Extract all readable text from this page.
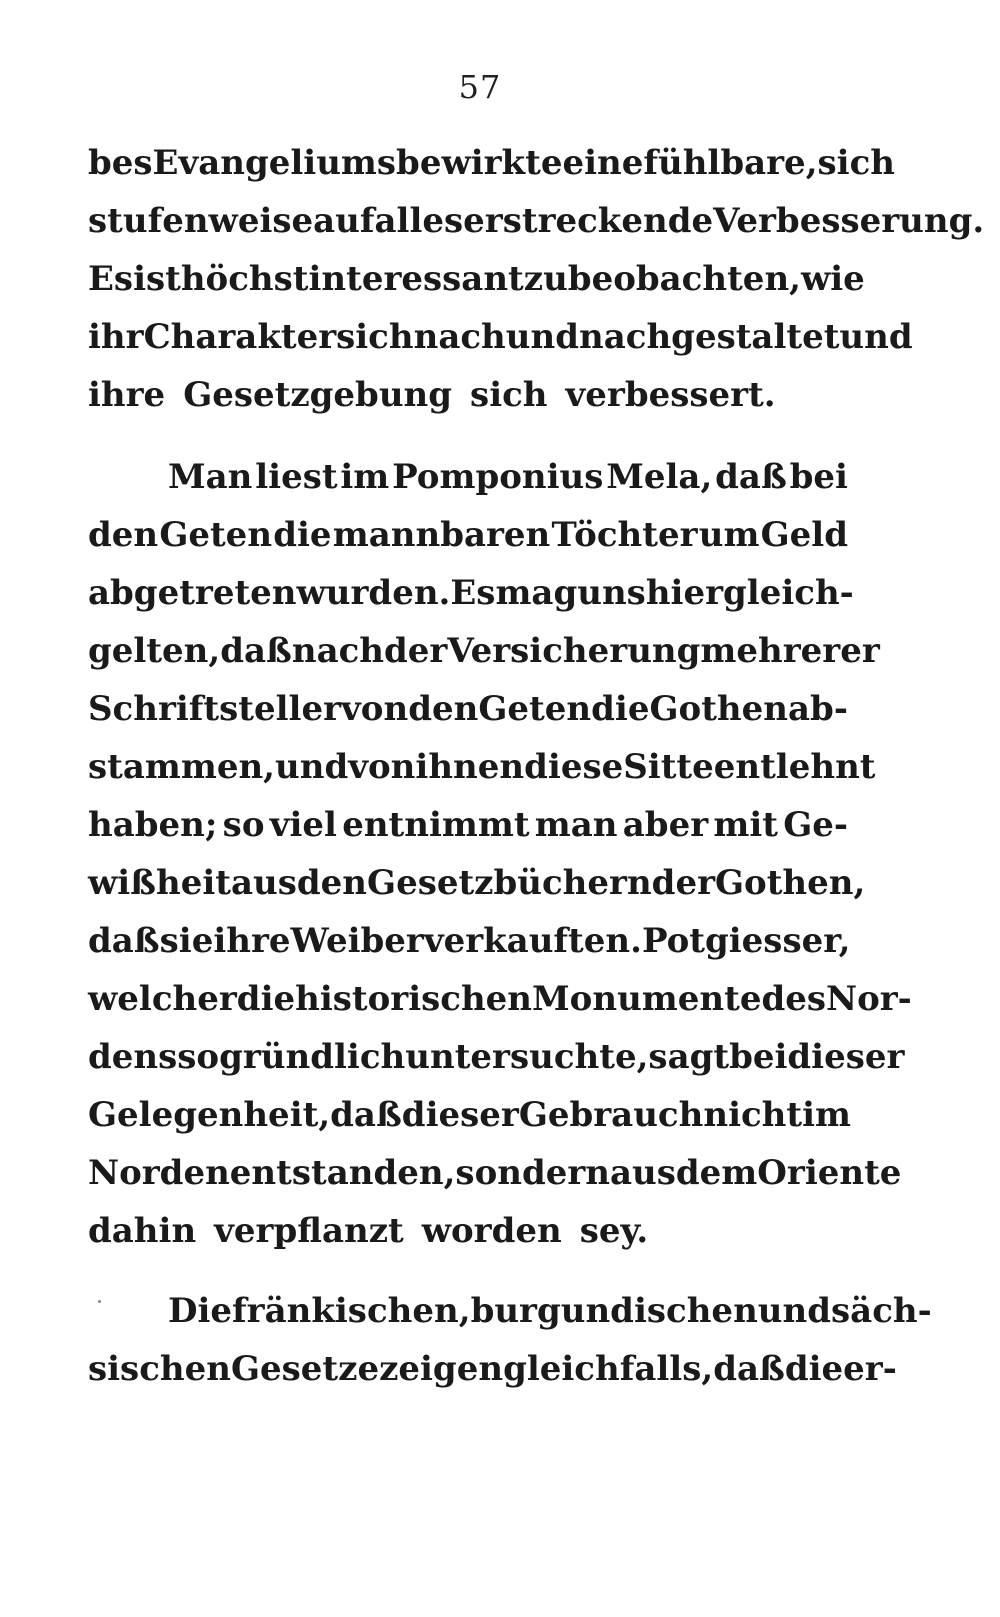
57
bes Evangeliums bewirkte eine fühlbare, sich
stufenweise auf alles erstreckende Verbesserung.
Es ist höchst interessant zu beobachten, wie
ihr Charakter sich nach und nach gestaltet und
ihre Gesetzgebung sich verbessert.
Man liest im Pomponius Mela, daß bei
den Geten die mannbaren Töchter um Geld
abgetreten wurden. Es mag uns hier gleich-
gelten, daß nach der Versicherung mehrerer
Schriftsteller von den Geten die Gothen ab-
stammen, und von ihnen diese Sitte entlehnt
haben; so viel entnimmt man aber mit Ge-
wißheit aus den Gesetzbüchern der Gothen,
daß sie ihre Weiber verkauften. Potgiesser,
welcher die historischen Monumente des Nor-
dens so gründlich untersuchte, sagt bei dieser
Gelegenheit, daß dieser Gebrauch nicht im
Norden entstanden, sondern aus dem Oriente
dahin verpflanzt worden sey.
Die fränkischen, burgundischen und säch-
sischen Gesetze zeigen gleichfalls, daß die er-
